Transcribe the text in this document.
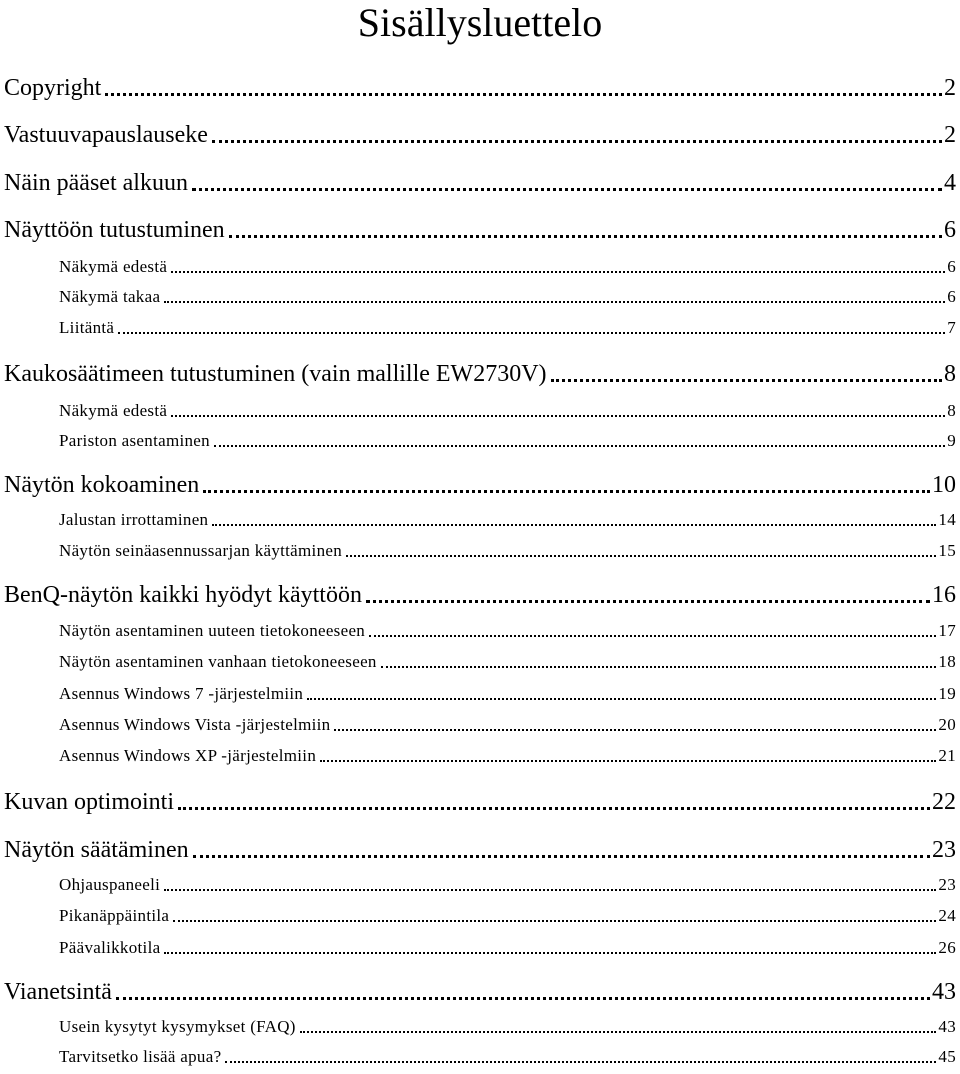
Sisällysluettelo
Copyright	2
Vastuuvapauslauseke	2
Näin pääset alkuun	4
Näyttöön tutustuminen	6
Näkymä edestä	6
Näkymä takaa	6
Liitäntä	7
Kaukosäätimeen tutustuminen (vain mallille EW2730V)	8
Näkymä edestä	8
Pariston asentaminen	9
Näytön kokoaminen	10
Jalustan irrottaminen	14
Näytön seinäasennussarjan käyttäminen	15
BenQ-näytön kaikki hyödyt käyttöön	16
Näytön asentaminen uuteen tietokoneeseen	17
Näytön asentaminen vanhaan tietokoneeseen	18
Asennus Windows 7 -järjestelmiin	19
Asennus Windows Vista -järjestelmiin	20
Asennus Windows XP -järjestelmiin	21
Kuvan optimointi	22
Näytön säätäminen	23
Ohjauspaneeli	23
Pikanäppäintila	24
Päävalikkotila	26
Vianetsintä	43
Usein kysytyt kysymykset (FAQ)	43
Tarvitsetko lisää apua?	45
